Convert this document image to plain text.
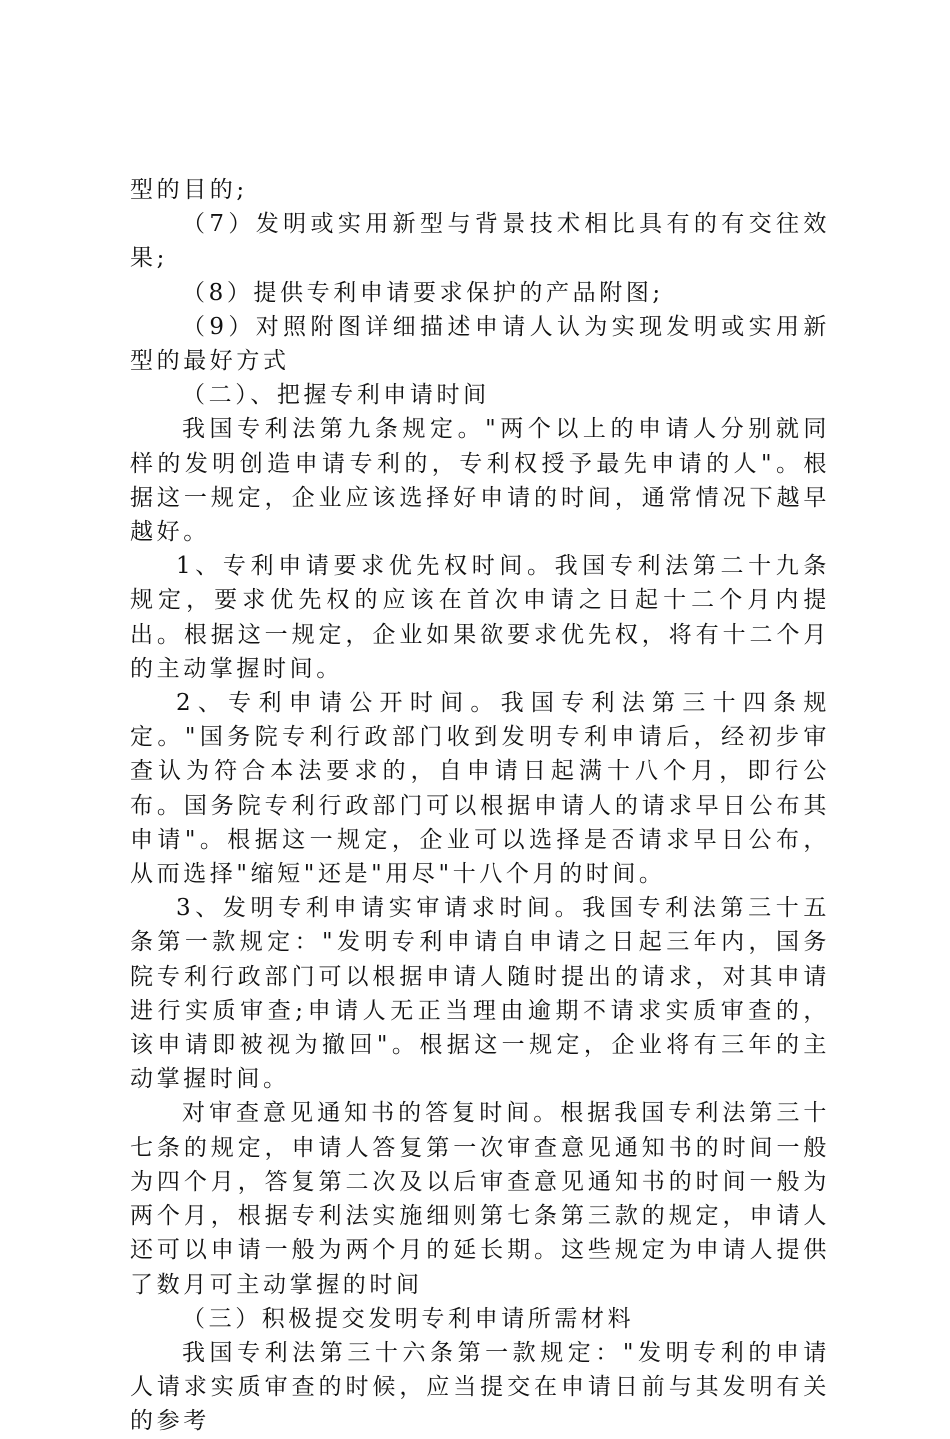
型的目的;

（7）发明或实用新型与背景技术相比具有的有交往效果;

（8）提供专利申请要求保护的产品附图;

（9）对照附图详细描述申请人认为实现发明或实用新型的最好方式

（二）、把握专利申请时间

我国专利法第九条规定。"两个以上的申请人分别就同样的发明创造申请专利的，专利权授予最先申请的人"。根据这一规定，企业应该选择好申请的时间，通常情况下越早越好。

1、专利申请要求优先权时间。我国专利法第二十九条规定，要求优先权的应该在首次申请之日起十二个月内提出。根据这一规定，企业如果欲要求优先权，将有十二个月的主动掌握时间。

2、专利申请公开时间。我国专利法第三十四条规定。"国务院专利行政部门收到发明专利申请后，经初步审查认为符合本法要求的，自申请日起满十八个月，即行公布。国务院专利行政部门可以根据申请人的请求早日公布其申请"。根据这一规定，企业可以选择是否请求早日公布，从而选择"缩短"还是"用尽"十八个月的时间。

3、发明专利申请实审请求时间。我国专利法第三十五条第一款规定："发明专利申请自申请之日起三年内，国务院专利行政部门可以根据申请人随时提出的请求，对其申请进行实质审查;申请人无正当理由逾期不请求实质审查的，该申请即被视为撤回"。根据这一规定，企业将有三年的主动掌握时间。

对审查意见通知书的答复时间。根据我国专利法第三十七条的规定，申请人答复第一次审查意见通知书的时间一般为四个月，答复第二次及以后审查意见通知书的时间一般为两个月，根据专利法实施细则第七条第三款的规定，申请人还可以申请一般为两个月的延长期。这些规定为申请人提供了数月可主动掌握的时间

（三）积极提交发明专利申请所需材料

我国专利法第三十六条第一款规定："发明专利的申请人请求实质审查的时候，应当提交在申请日前与其发明有关的参考
